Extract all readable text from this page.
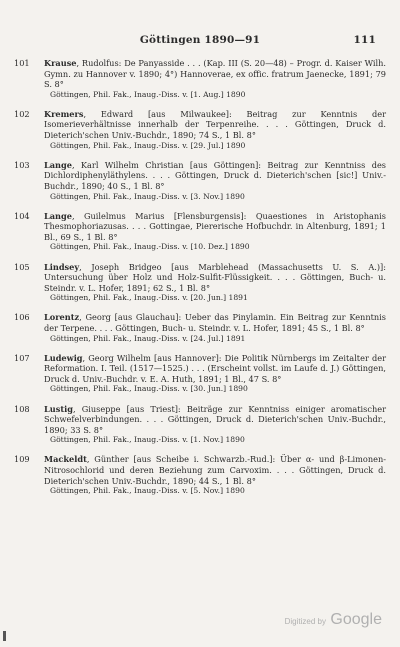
Göttingen 1890—91	111
101	Krause, Rudolfus: De Panyasside . . . (Kap. III (S. 20—48) – Progr. d. Kaiser Wilh. Gymn. zu Hannover v. 1890; 4°) Hannoverae, ex offic. fratrum Jaenecke, 1891; 79 S. 8°
Göttingen, Phil. Fak., Inaug.-Diss. v. [1. Aug.] 1890
102	Kremers, Edward [aus Milwaukee]: Beitrag zur Kenntnis der Isomerieverhältnisse innerhalb der Terpenreihe. . . . Göttingen, Druck d. Dieterich'schen Univ.-Buchdr., 1890; 74 S., 1 Bl. 8°
Göttingen, Phil. Fak., Inaug.-Diss. v. [29. Jul.] 1890
103	Lange, Karl Wilhelm Christian [aus Göttingen]: Beitrag zur Kenntniss des Dichlordiphenyläthylens. . . . Göttingen, Druck d. Dieterich'schen [sic!] Univ.-Buchdr., 1890; 40 S., 1 Bl. 8°
Göttingen, Phil. Fak., Inaug.-Diss. v. [3. Nov.] 1890
104	Lange, Guilelmus Marius [Flensburgensis]: Quaestiones in Aristophanis Thesmophoriazusas. . . . Gottingae, Piererische Hofbuchdr. in Altenburg, 1891; 1 Bl., 69 S., 1 Bl. 8°
Göttingen, Phil. Fak., Inaug.-Diss. v. [10. Dez.] 1890
105	Lindsey, Joseph Bridgeo [aus Marblehead (Massachusetts U. S. A.)]: Untersuchung über Holz und Holz-Sulfit-Flüssigkeit. . . . Göttingen, Buch- u. Steindr. v. L. Hofer, 1891; 62 S., 1 Bl. 8°
Göttingen, Phil. Fak., Inaug.-Diss. v. [20. Jun.] 1891
106	Lorentz, Georg [aus Glauchau]: Ueber das Pinylamin. Ein Beitrag zur Kenntnis der Terpene. . . . Göttingen, Buch- u. Steindr. v. L. Hofer, 1891; 45 S., 1 Bl. 8°
Göttingen, Phil. Fak., Inaug.-Diss. v. [24. Jul.] 1891
107	Ludewig, Georg Wilhelm [aus Hannover]: Die Politik Nürnbergs im Zeitalter der Reformation. I. Teil. (1517—1525.) . . . (Erscheint vollst. im Laufe d. J.) Göttingen, Druck d. Univ.-Buchdr. v. E. A. Huth, 1891; 1 Bl., 47 S. 8°
Göttingen, Phil. Fak., Inaug.-Diss. v. [30. Jun.] 1890
108	Lustig, Giuseppe [aus Triest]: Beiträge zur Kenntniss einiger aromatischer Schwefelverbindungen. . . . Göttingen, Druck d. Dieterich'schen Univ.-Buchdr., 1890; 33 S. 8°
Göttingen, Phil. Fak., Inaug.-Diss. v. [1. Nov.] 1890
109	Mackeldt, Günther [aus Scheibe i. Schwarzb.-Rud.]: Über α- und β-Limonen-Nitrosochlorid und deren Beziehung zum Carvoxim. . . . Göttingen, Druck d. Dieterich'schen Univ.-Buchdr., 1890; 44 S., 1 Bl. 8°
Göttingen, Phil. Fak., Inaug.-Diss. v. [5. Nov.] 1890
Digitized by Google
